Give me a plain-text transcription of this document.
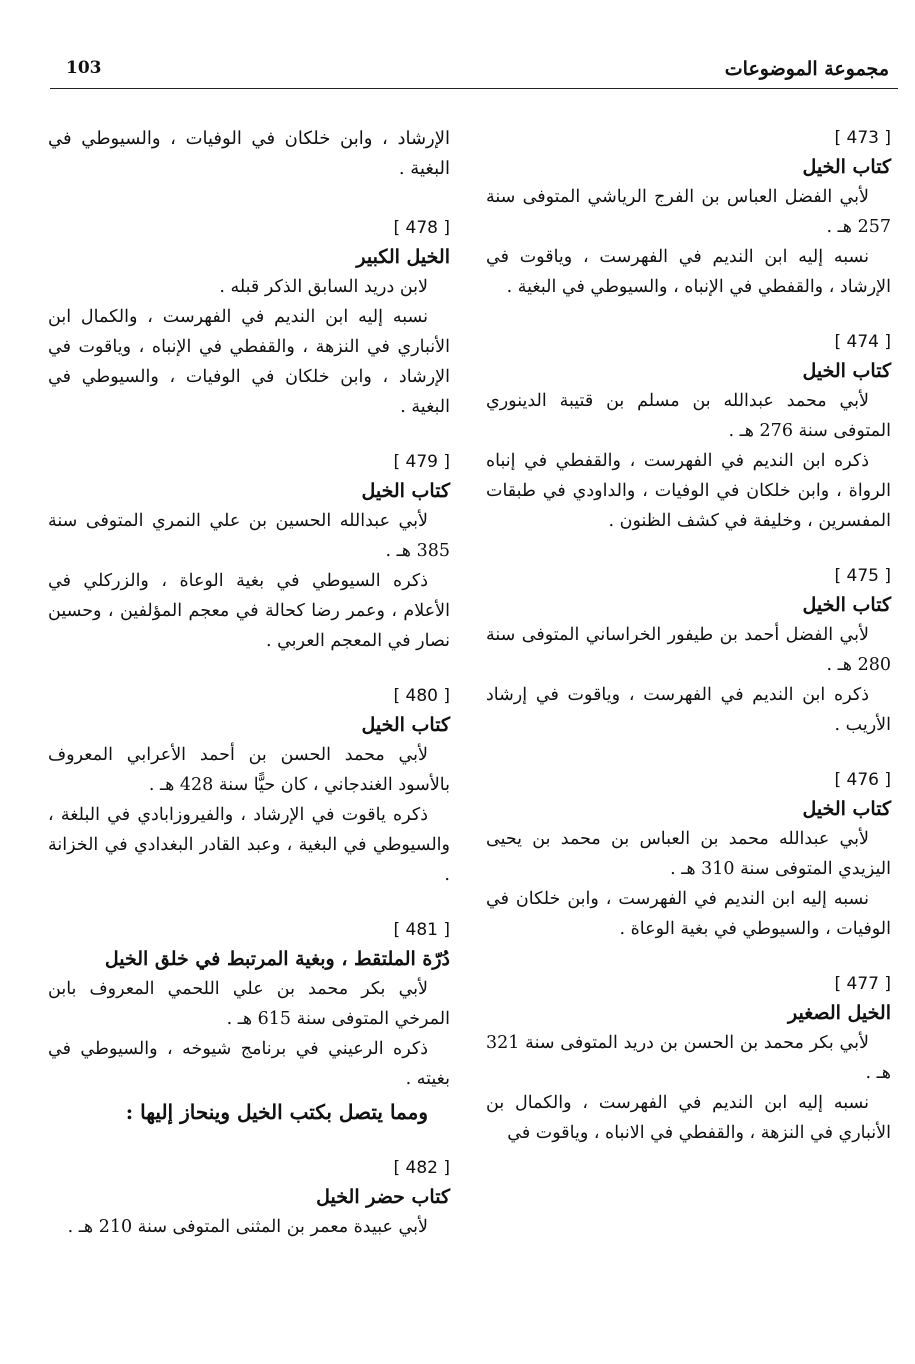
مجموعة الموضوعات
103
[ 473 ]
كتاب الخيل

لأبي الفضل العباس بن الفرج الرياشي المتوفى سنة 257 هـ .

نسبه إليه ابن النديم في الفهرست ، وياقوت في الإرشاد ، والقفطي في الإنباه ، والسيوطي في البغية .

[ 474 ]
كتاب الخيل

لأبي محمد عبدالله بن مسلم بن قتيبة الدينوري المتوفى سنة 276 هـ .

ذكره ابن النديم في الفهرست ، والقفطي في إنباه الرواة ، وابن خلكان في الوفيات ، والداودي في طبقات المفسرين ، وخليفة في كشف الظنون .

[ 475 ]
كتاب الخيل

لأبي الفضل أحمد بن طيفور الخراساني المتوفى سنة 280 هـ .

ذكره ابن النديم في الفهرست ، وياقوت في إرشاد الأريب .

[ 476 ]
كتاب الخيل

لأبي عبدالله محمد بن العباس بن محمد بن يحيى اليزيدي المتوفى سنة 310 هـ .

نسبه إليه ابن النديم في الفهرست ، وابن خلكان في الوفيات ، والسيوطي في بغية الوعاة .

[ 477 ]
الخيل الصغير

لأبي بكر محمد بن الحسن بن دريد المتوفى سنة 321 هـ .

نسبه إليه ابن النديم في الفهرست ، والكمال بن الأنباري في النزهة ، والقفطي في الانباه ، وياقوت في

الإرشاد ، وابن خلكان في الوفيات ، والسيوطي في البغية .
[ 478 ]
الخيل الكبير

لابن دريد السابق الذكر قبله .

نسبه إليه ابن النديم في الفهرست ، والكمال ابن الأنباري في النزهة ، والقفطي في الإنباه ، وياقوت في الإرشاد ، وابن خلكان في الوفيات ، والسيوطي في البغية .

[ 479 ]
كتاب الخيل

لأبي عبدالله الحسين بن علي النمري المتوفى سنة 385 هـ .

ذكره السيوطي في بغية الوعاة ، والزركلي في الأعلام ، وعمر رضا كحالة في معجم المؤلفين ، وحسين نصار في المعجم العربي .

[ 480 ]
كتاب الخيل

لأبي محمد الحسن بن أحمد الأعرابي المعروف بالأسود الغندجاني ، كان حيًّا سنة 428 هـ .

ذكره ياقوت في الإرشاد ، والفيروزابادي في البلغة ، والسيوطي في البغية ، وعبد القادر البغدادي في الخزانة .

[ 481 ]
دُرّة الملتقط ، وبغية المرتبط في خلق الخيل

لأبي بكر محمد بن علي اللحمي المعروف بابن المرخي المتوفى سنة 615 هـ .

ذكره الرعيني في برنامج شيوخه ، والسيوطي في بغيته .

ومما يتصل بكتب الخيل وينحاز إليها :
[ 482 ]
كتاب حضر الخيل

لأبي عبيدة معمر بن المثنى المتوفى سنة 210 هـ .
